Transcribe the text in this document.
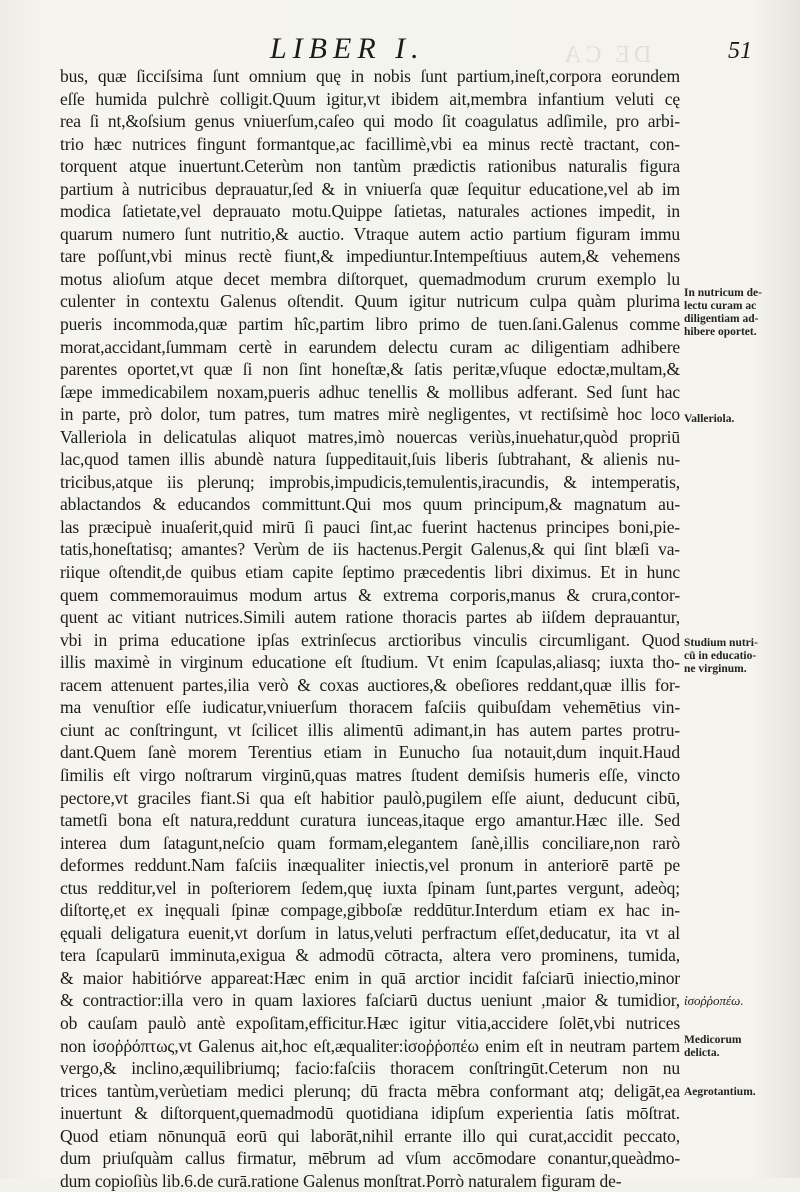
DE CA
LIBER I.	51
bus, quæ ſicciſsima ſunt omnium quę in nobis ſunt partium,ineſt,corpora eorundem
eſſe humida pulchrè colligit.Quum igitur,vt ibidem ait,membra infantium veluti cę
rea ſi nt,&oſsium genus vniuerſum,caſeo qui modo ſit coagulatus adſimile, pro arbi-
trio hæc nutrices fingunt formantque,ac facillimè,vbi ea minus rectè tractant, con-
torquent atque inuertunt.Ceterùm non tantùm prædictis rationibus naturalis figura
partium à nutricibus deprauatur,ſed & in vniuerſa quæ ſequitur educatione,vel ab im
modica ſatietate,vel deprauato motu.Quippe ſatietas, naturales actiones impedit, in
quarum numero ſunt nutritio,& auctio. Vtraque autem actio partium figuram immu
tare poſſunt,vbi minus rectè fiunt,& impediuntur.Intempeſtiuus autem,& vehemens
motus alioſum atque decet membra diſtorquet, quemadmodum crurum exemplo lu
culenter in contextu Galenus oſtendit. Quum igitur nutricum culpa quàm plurima
pueris incommoda,quæ partim hîc,partim libro primo de tuen.ſani.Galenus comme
morat,accidant,ſummam certè in earundem delectu curam ac diligentiam adhibere
parentes oportet,vt quæ ſi non ſint honeſtæ,& ſatis peritæ,vſuque edoctæ,multam,&
ſæpe immedicabilem noxam,pueris adhuc tenellis & mollibus adferant. Sed ſunt hac
in parte, prò dolor, tum patres, tum matres mirè negligentes, vt rectiſsimè hoc loco
Valleriola in delicatulas aliquot matres,imò nouercas veriùs,inuehatur,quòd propriū
lac,quod tamen illis abundè natura ſuppeditauit,ſuis liberis ſubtrahant, & alienis nu-
tricibus,atque iis plerunq; improbis,impudicis,temulentis,iracundis, & intemperatis,
ablactandos & educandos committunt.Qui mos quum principum,& magnatum au-
las præcipuè inuaſerit,quid mirū ſi pauci ſint,ac fuerint hactenus principes boni,pie-
tatis,honeſtatisq; amantes? Verùm de iis hactenus.Pergit Galenus,& qui ſint blæſi va-
riique oſtendit,de quibus etiam capite ſeptimo præcedentis libri diximus. Et in hunc
quem commemorauimus modum artus & extrema corporis,manus & crura,contor-
quent ac vitiant nutrices.Simili autem ratione thoracis partes ab iiſdem deprauantur,
vbi in prima educatione ipſas extrinſecus arctioribus vinculis circumligant. Quod
illis maximè in virginum educatione eſt ſtudium. Vt enim ſcapulas,aliasq; iuxta tho-
racem attenuent partes,ilia verò & coxas auctiores,& obeſiores reddant,quæ illis for-
ma venuſtior eſſe iudicatur,vniuerſum thoracem faſciis quibuſdam vehemētius vin-
ciunt ac conſtringunt, vt ſcilicet illis alimentū adimant,in has autem partes protru-
dant.Quem ſanè morem Terentius etiam in Eunucho ſua notauit,dum inquit.Haud
ſimilis eſt virgo noſtrarum virginū,quas matres ſtudent demiſsis humeris eſſe, vincto
pectore,vt graciles fiant.Si qua eſt habitior paulò,pugilem eſſe aiunt, deducunt cibū,
tametſi bona eſt natura,reddunt curatura iunceas,itaque ergo amantur.Hæc ille. Sed
interea dum ſatagunt,neſcio quam formam,elegantem ſanè,illis conciliare,non rarò
deformes reddunt.Nam faſciis inæqualiter iniectis,vel pronum in anteriorē partē pe
ctus redditur,vel in poſteriorem ſedem,quę iuxta ſpinam ſunt,partes vergunt, adeòq;
diſtortę,et ex inęquali ſpinæ compage,gibboſæ reddūtur.Interdum etiam ex hac in-
ęquali deligatura euenit,vt dorſum in latus,veluti perfractum eſſet,deducatur, ita vt al
tera ſcapularū imminuta,exigua & admodū cōtracta, altera vero prominens, tumida,
& maior habitiórve appareat:Hæc enim in quā arctior incidit faſciarū iniectio,minor
& contractior:illa vero in quam laxiores faſciarū ductus ueniunt ,maior & tumidior,
ob cauſam paulò antè expoſitam,efficitur.Hæc igitur vitia,accidere ſolēt,vbi nutrices
non ἰσοῤῥόπτως,vt Galenus ait,hoc eſt,æqualiter:ἰσοῤῥοπέω enim eſt in neutram partem
vergo,& inclino,æquilibriumq; facio:faſciis thoracem conſtringūt.Ceterum non nu
trices tantùm,verùetiam medici plerunq; dū fracta mēbra conformant atq; deligāt,ea
inuertunt & diſtorquent,quemadmodū quotidiana idipſum experientia ſatis mōſtrat.
Quod etiam nōnunquā eorū qui laborāt,nihil errante illo qui curat,accidit peccato,
dum priuſquàm callus firmatur, mēbrum ad vſum accōmodare conantur,queàdmo-
dum copioſiùs lib.6.de curā.ratione Galenus monſtrat.Porrò naturalem figuram de-
In nutricum de-
lectu curam ac
diligentiam ad-
hibere oportet.
Valleriola.
Studium nutri-
cū in educatio-
ne virginum.
ἰσοῤῥοπέω.
Medicorum
delicta.
Aegrotantium.
